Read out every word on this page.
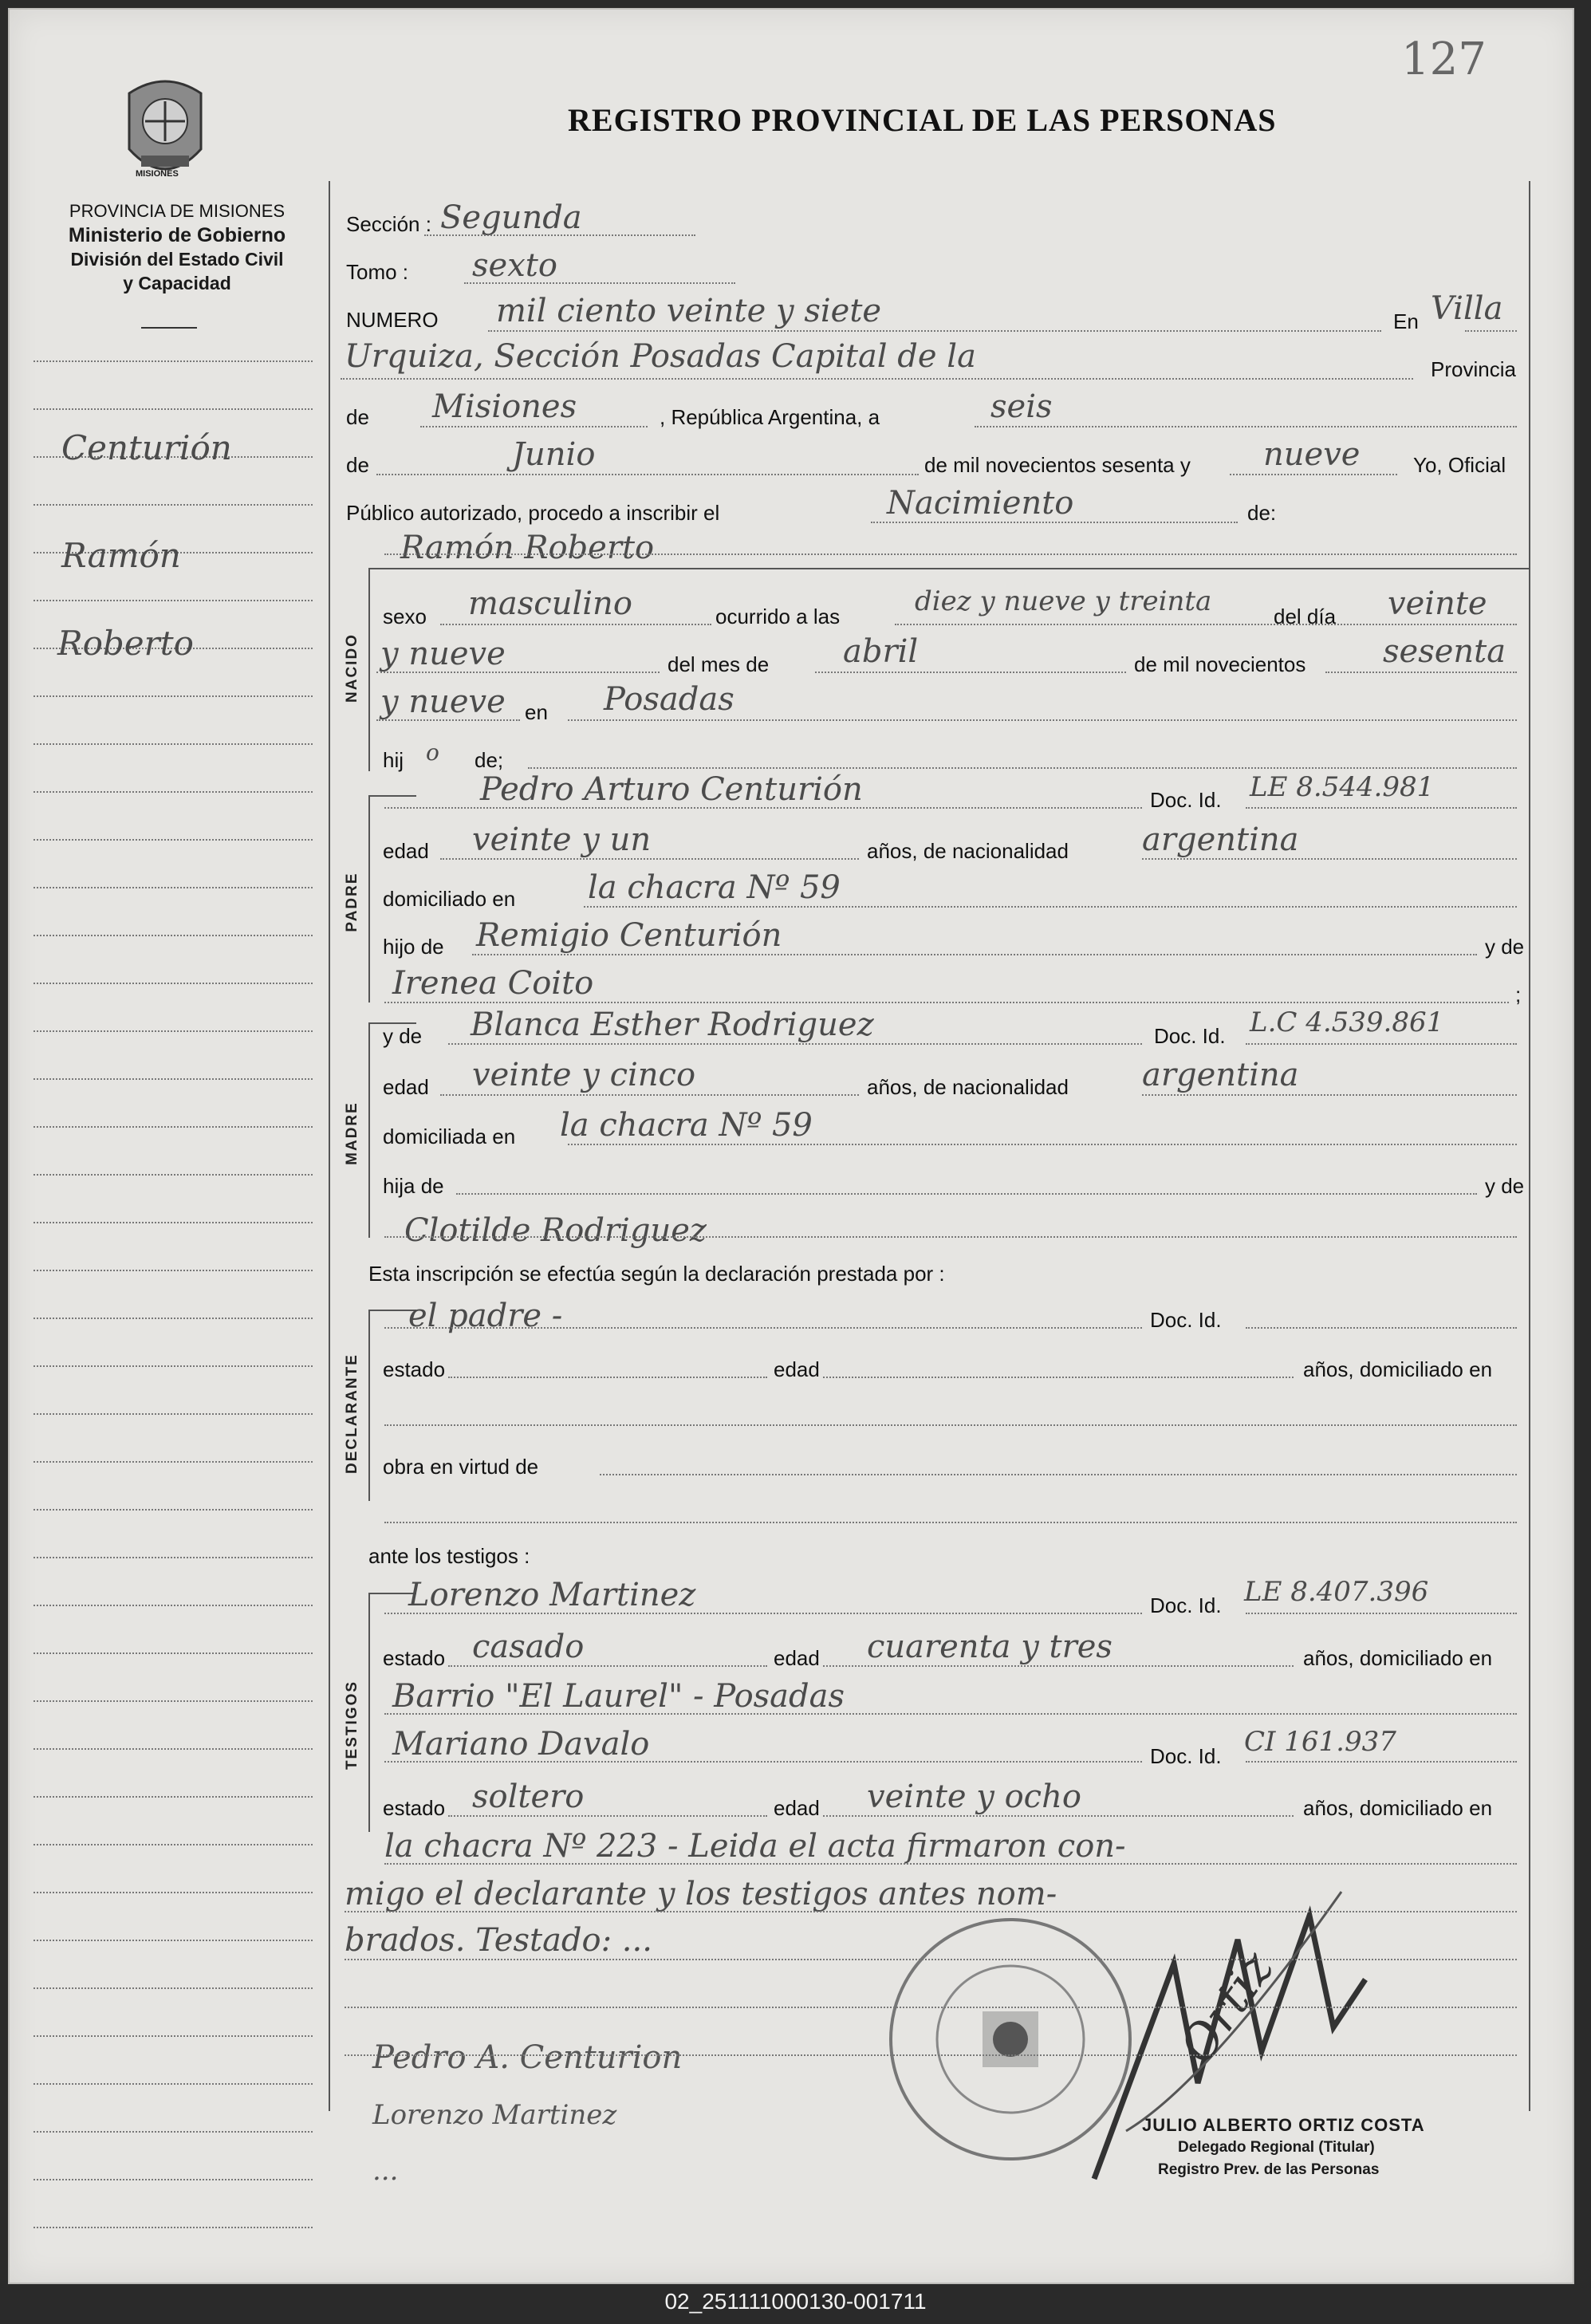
127
MISIONES
PROVINCIA DE MISIONES
Ministerio de Gobierno
División del Estado Civil
y Capacidad
REGISTRO PROVINCIAL DE LAS PERSONAS
Centurión
Ramón
Roberto	NACIDO
PADRE
MADRE
DECLARANTE
TESTIGOS
Sección : Segunda
Tomo : sexto
NUMERO mil ciento veinte y siete	En Villa
Urquiza, Sección Posadas Capital de la	Provincia
de Misiones	, República Argentina, a	seis
de	Junio	de mil novecientos sesenta y nueve	Yo, Oficial
Público autorizado, procedo a inscribir el	Nacimiento	de:
Ramón Roberto
sexo masculino	ocurrido a las	diez y nueve y treinta	del día veinte
y nueve	del mes de abril	de mil novecientos sesenta
y nueve en Posadas
hij o de;
Pedro Arturo Centurión	Doc. Id. LE 8.544.981
edad veinte y un	años, de nacionalidad argentina
domiciliado en la chacra Nº 59
hijo de Remigio Centurión	y de
Irenea Coito	;
y de Blanca Esther Rodriguez	Doc. Id. L.C 4.539.861
edad veinte y cinco	años, de nacionalidad argentina
domiciliada en la chacra Nº 59
hija de	y de
Clotilde Rodriguez
Esta inscripción se efectúa según la declaración prestada por :
el padre -	Doc. Id.
estado	edad	años, domiciliado en
obra en virtud de
ante los testigos :
Lorenzo Martinez	Doc. Id. LE 8.407.396
estado casado	edad cuarenta y tres	años, domiciliado en
Barrio "El Laurel" - Posadas
Mariano Davalo	Doc. Id. CI 161.937
estado soltero	edad veinte y ocho	años, domiciliado en
la chacra Nº 223 - Leida el acta firmaron con-
migo el declarante y los testigos antes nom-
brados. Testado: ...
Pedro A. Centurion
Lorenzo Martinez
...
Ortiz
JULIO ALBERTO ORTIZ COSTA
Delegado Regional (Titular)
Registro Prev. de las Personas
02_251111000130-001711
